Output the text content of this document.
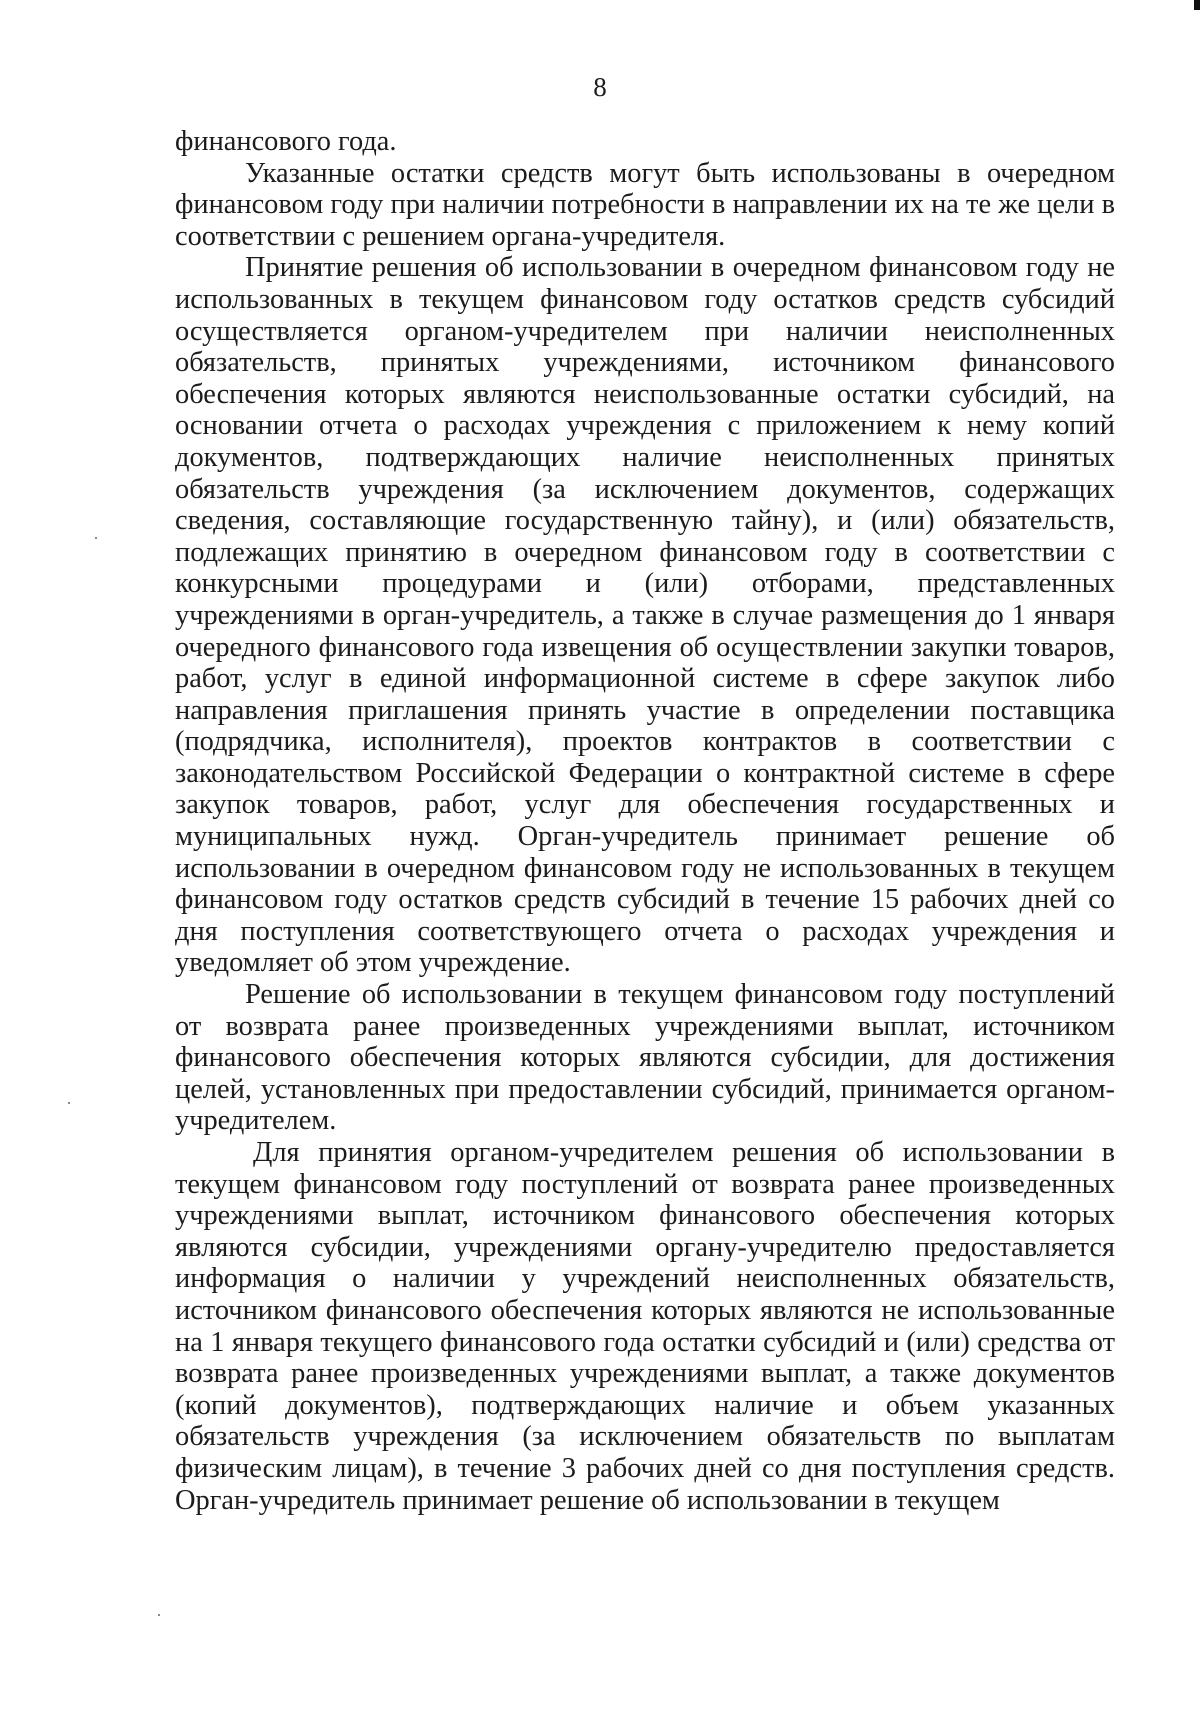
8

финансового года.

Указанные остатки средств могут быть использованы в очередном финансовом году при наличии потребности в направлении их на те же цели в соответствии с решением органа-учредителя.

Принятие решения об использовании в очередном финансовом году не использованных в текущем финансовом году остатков средств субсидий осуществляется органом-учредителем при наличии неисполненных обязательств, принятых учреждениями, источником финансового обеспечения которых являются неиспользованные остатки субсидий, на основании отчета о расходах учреждения с приложением к нему копий документов, подтверждающих наличие неисполненных принятых обязательств учреждения (за исключением документов, содержащих сведения, составляющие государственную тайну), и (или) обязательств, подлежащих принятию в очередном финансовом году в соответствии с конкурсными процедурами и (или) отборами, представленных учреждениями в орган-учредитель, а также в случае размещения до 1 января очередного финансового года извещения об осуществлении закупки товаров, работ, услуг в единой информационной системе в сфере закупок либо направления приглашения принять участие в определении поставщика (подрядчика, исполнителя), проектов контрактов в соответствии с законодательством Российской Федерации о контрактной системе в сфере закупок товаров, работ, услуг для обеспечения государственных и муниципальных нужд. Орган-учредитель принимает решение об использовании в очередном финансовом году не использованных в текущем финансовом году остатков средств субсидий в течение 15 рабочих дней со дня поступления соответствующего отчета о расходах учреждения и уведомляет об этом учреждение.

Решение об использовании в текущем финансовом году поступлений от возврата ранее произведенных учреждениями выплат, источником финансового обеспечения которых являются субсидии, для достижения целей, установленных при предоставлении субсидий, принимается органом-учредителем.

Для принятия органом-учредителем решения об использовании в текущем финансовом году поступлений от возврата ранее произведенных учреждениями выплат, источником финансового обеспечения которых являются субсидии, учреждениями органу-учредителю предоставляется информация о наличии у учреждений неисполненных обязательств, источником финансового обеспечения которых являются не использованные на 1 января текущего финансового года остатки субсидий и (или) средства от возврата ранее произведенных учреждениями выплат, а также документов (копий документов), подтверждающих наличие и объем указанных обязательств учреждения (за исключением обязательств по выплатам физическим лицам), в течение 3 рабочих дней со дня поступления средств. Орган-учредитель принимает решение об использовании в текущем
